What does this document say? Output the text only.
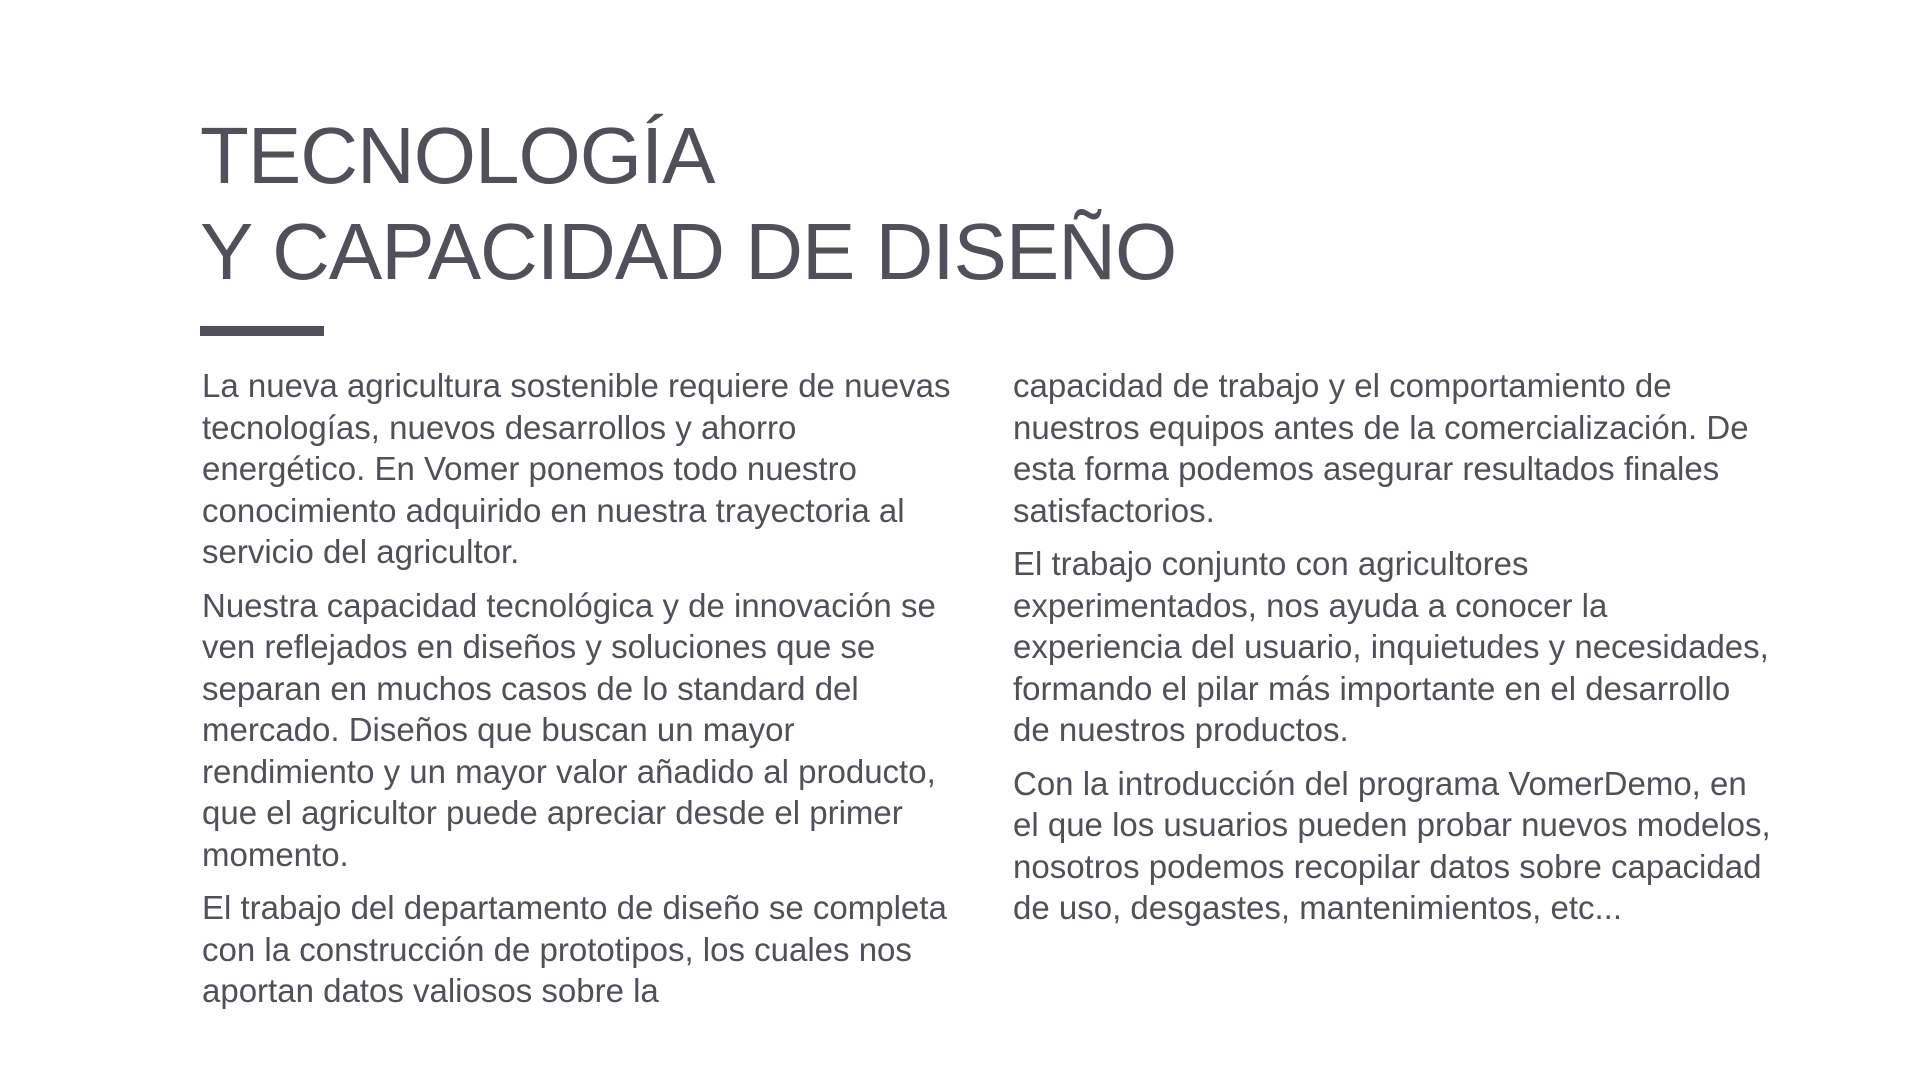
TECNOLOGÍA
Y CAPACIDAD DE DISEÑO

La nueva agricultura sostenible requiere de nuevas tecnologías, nuevos desarrollos y ahorro energético. En Vomer ponemos todo nuestro conocimiento adquirido en nuestra trayectoria al servicio del agricultor.

Nuestra capacidad tecnológica y de innovación se ven reflejados en diseños y soluciones que se separan en muchos casos de lo standard del mercado. Diseños que buscan un mayor rendimiento y un mayor valor añadido al producto, que el agricultor puede apreciar desde el primer momento.

El trabajo del departamento de diseño se completa con la construcción de prototipos, los cuales nos aportan datos valiosos sobre la

capacidad de trabajo y el comportamiento de nuestros equipos antes de la comercialización. De esta forma podemos asegurar resultados finales satisfactorios.

El trabajo conjunto con agricultores experimentados, nos ayuda a conocer la experiencia del usuario, inquietudes y necesidades, formando el pilar más importante en el desarrollo de nuestros productos.

Con la introducción del programa VomerDemo, en el que los usuarios pueden probar nuevos modelos, nosotros podemos recopilar datos sobre capacidad de uso, desgastes, mantenimientos, etc...
